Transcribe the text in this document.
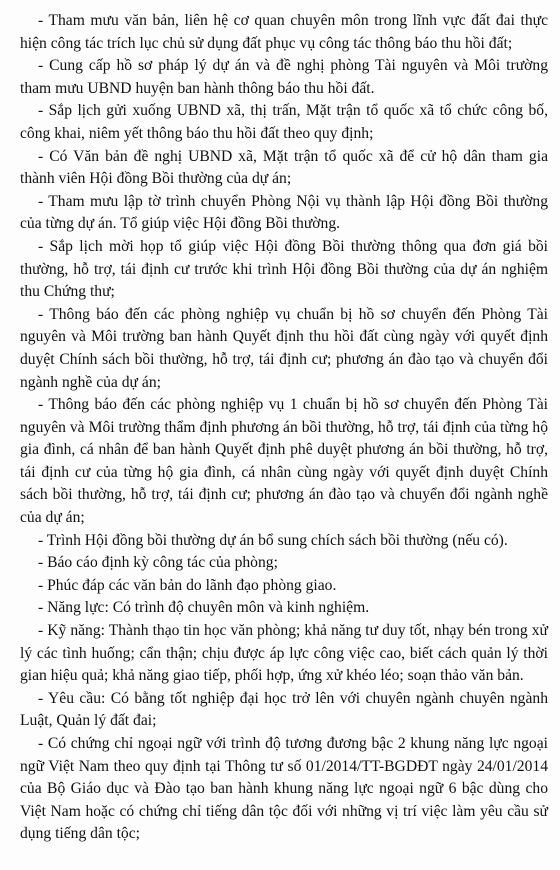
- Tham mưu văn bản, liên hệ cơ quan chuyên môn trong lĩnh vực đất đai thực hiện công tác trích lục chủ sử dụng đất phục vụ công tác thông báo thu hồi đất;

- Cung cấp hồ sơ pháp lý dự án và đề nghị phòng Tài nguyên và Môi trường tham mưu UBND huyện ban hành thông báo thu hồi đất.

- Sắp lịch gửi xuống UBND xã, thị trấn, Mặt trận tổ quốc xã tổ chức công bố, công khai, niêm yết thông báo thu hồi đất theo quy định;

- Có Văn bản đề nghị UBND xã, Mặt trận tổ quốc xã để cử hộ dân tham gia thành viên Hội đồng Bồi thường của dự án;

- Tham mưu lập tờ trình chuyển Phòng Nội vụ thành lập Hội đồng Bồi thường của từng dự án. Tổ giúp việc Hội đồng Bồi thường.

- Sắp lịch mời họp tổ giúp việc Hội đồng Bồi thường thông qua đơn giá bồi thường, hỗ trợ, tái định cư trước khi trình Hội đồng Bồi thường của dự án nghiệm thu Chứng thư;

- Thông báo đến các phòng nghiệp vụ chuẩn bị hồ sơ chuyển đến Phòng Tài nguyên và Môi trường ban hành Quyết định thu hồi đất cùng ngày với quyết định duyệt Chính sách bồi thường, hỗ trợ, tái định cư; phương án đào tạo và chuyển đổi ngành nghề của dự án;

- Thông báo đến các phòng nghiệp vụ 1 chuẩn bị hồ sơ chuyển đến Phòng Tài nguyên và Môi trường thẩm định phương án bồi thường, hỗ trợ, tái định của từng hộ gia đình, cá nhân để ban hành Quyết định phê duyệt phương án bồi thường, hỗ trợ, tái định cư của từng hộ gia đình, cá nhân cùng ngày với quyết định duyệt Chính sách bồi thường, hỗ trợ, tái định cư; phương án đào tạo và chuyển đổi ngành nghề của dự án;

- Trình Hội đồng bồi thường dự án bổ sung chích sách bồi thường (nếu có).

- Báo cáo định kỳ công tác của phòng;

- Phúc đáp các văn bản do lãnh đạo phòng giao.

- Năng lực: Có trình độ chuyên môn và kinh nghiệm.

- Kỹ năng: Thành thạo tin học văn phòng; khả năng tư duy tốt, nhạy bén trong xử lý các tình huống; cẩn thận; chịu được áp lực công việc cao, biết cách quản lý thời gian hiệu quả; khả năng giao tiếp, phối hợp, ứng xử khéo léo; soạn thảo văn bản.

- Yêu cầu: Có bằng tốt nghiệp đại học trở lên với chuyên ngành chuyên ngành Luật, Quản lý đất đai;

- Có chứng chỉ ngoại ngữ với trình độ tương đương bậc 2 khung năng lực ngoại ngữ Việt Nam theo quy định tại Thông tư số 01/2014/TT-BGDĐT ngày 24/01/2014 của Bộ Giáo dục và Đào tạo ban hành khung năng lực ngoại ngữ 6 bậc dùng cho Việt Nam hoặc có chứng chỉ tiếng dân tộc đối với những vị trí việc làm yêu cầu sử dụng tiếng dân tộc;
